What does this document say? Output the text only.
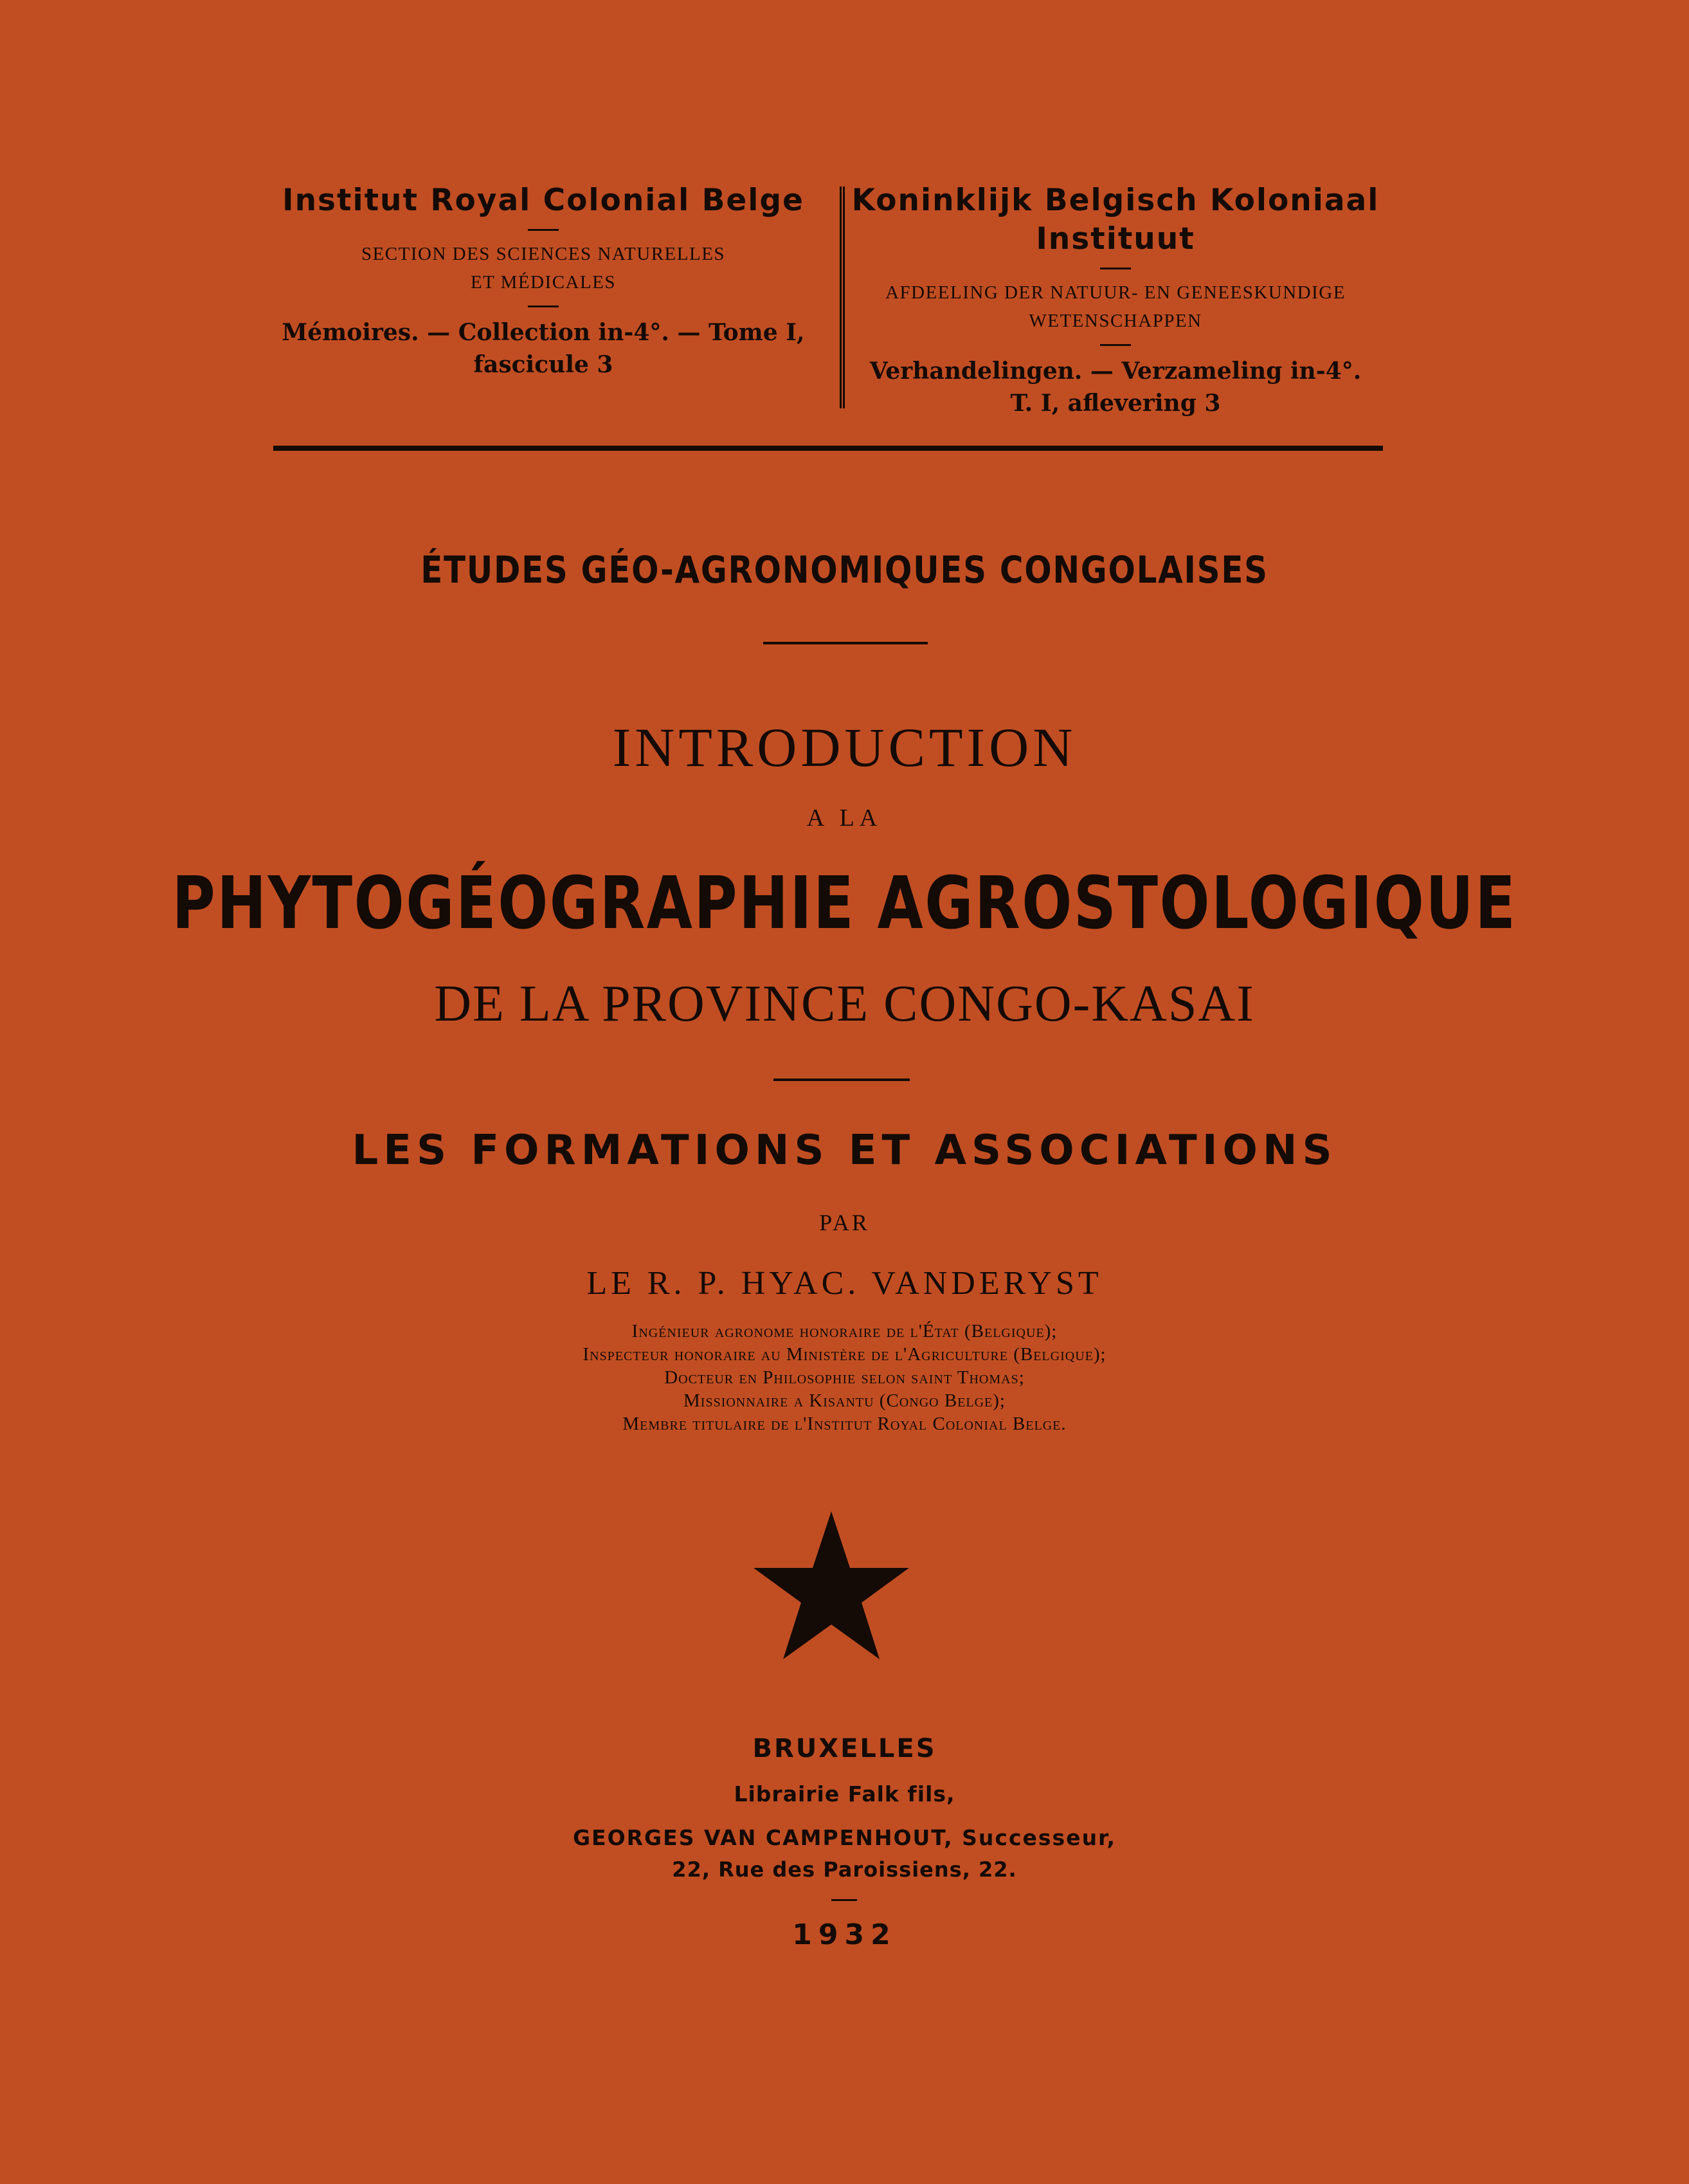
Institut Royal Colonial Belge
SECTION DES SCIENCES NATURELLES
ET MÉDICALES
Mémoires. — Collection in-4°. — Tome I,
fascicule 3
Koninklijk Belgisch Koloniaal Instituut
AFDEELING DER NATUUR- EN GENEESKUNDIGE
WETENSCHAPPEN
Verhandelingen. — Verzameling in-4°.
T. I, aflevering 3
ÉTUDES GÉO-AGRONOMIQUES CONGOLAISES
INTRODUCTION
A LA
PHYTOGÉOGRAPHIE AGROSTOLOGIQUE
DE LA PROVINCE CONGO-KASAI
LES FORMATIONS ET ASSOCIATIONS
PAR
LE R. P. HYAC. VANDERYST
Ingénieur agronome honoraire de l'État (Belgique);
Inspecteur honoraire au Ministère de l'Agriculture (Belgique);
Docteur en Philosophie selon saint Thomas;
Missionnaire a Kisantu (Congo Belge);
Membre titulaire de l'Institut Royal Colonial Belge.
BRUXELLES
Librairie Falk fils,
GEORGES VAN CAMPENHOUT, Successeur,
22, Rue des Paroissiens, 22.
1932
